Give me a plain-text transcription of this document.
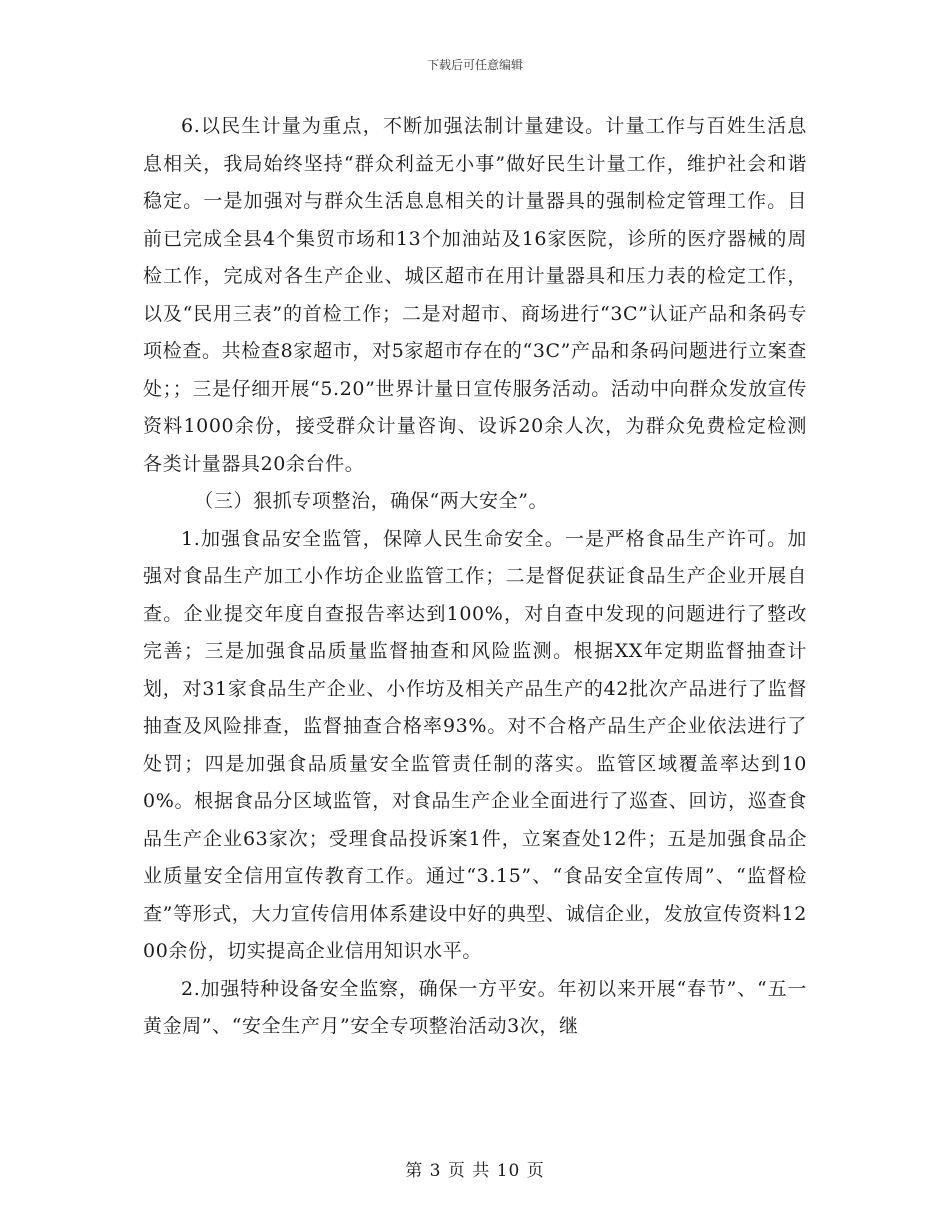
下载后可任意编辑

6.以民生计量为重点，不断加强法制计量建设。计量工作与百姓生活息息相关，我局始终坚持“群众利益无小事”做好民生计量工作，维护社会和谐稳定。一是加强对与群众生活息息相关的计量器具的强制检定管理工作。目前已完成全县4个集贸市场和13个加油站及16家医院，诊所的医疗器械的周检工作，完成对各生产企业、城区超市在用计量器具和压力表的检定工作，以及“民用三表”的首检工作；二是对超市、商场进行“3C”认证产品和条码专项检查。共检查8家超市，对5家超市存在的“3C”产品和条码问题进行立案查处；；三是仔细开展“5.20”世界计量日宣传服务活动。活动中向群众发放宣传资料1000余份，接受群众计量咨询、设诉20余人次，为群众免费检定检测各类计量器具20余台件。

（三）狠抓专项整治，确保“两大安全”。

1.加强食品安全监管，保障人民生命安全。一是严格食品生产许可。加强对食品生产加工小作坊企业监管工作；二是督促获证食品生产企业开展自查。企业提交年度自查报告率达到100%，对自查中发现的问题进行了整改完善；三是加强食品质量监督抽查和风险监测。根据XX年定期监督抽查计划，对31家食品生产企业、小作坊及相关产品生产的42批次产品进行了监督抽查及风险排查，监督抽查合格率93%。对不合格产品生产企业依法进行了处罚；四是加强食品质量安全监管责任制的落实。监管区域覆盖率达到100%。根据食品分区域监管，对食品生产企业全面进行了巡查、回访，巡查食品生产企业63家次；受理食品投诉案1件，立案查处12件；五是加强食品企业质量安全信用宣传教育工作。通过“3.15”、“食品安全宣传周”、“监督检查”等形式，大力宣传信用体系建设中好的典型、诚信企业，发放宣传资料1200余份，切实提高企业信用知识水平。

2.加强特种设备安全监察，确保一方平安。年初以来开展“春节”、“五一黄金周”、“安全生产月”安全专项整治活动3次，继

第 3 页 共 10 页
